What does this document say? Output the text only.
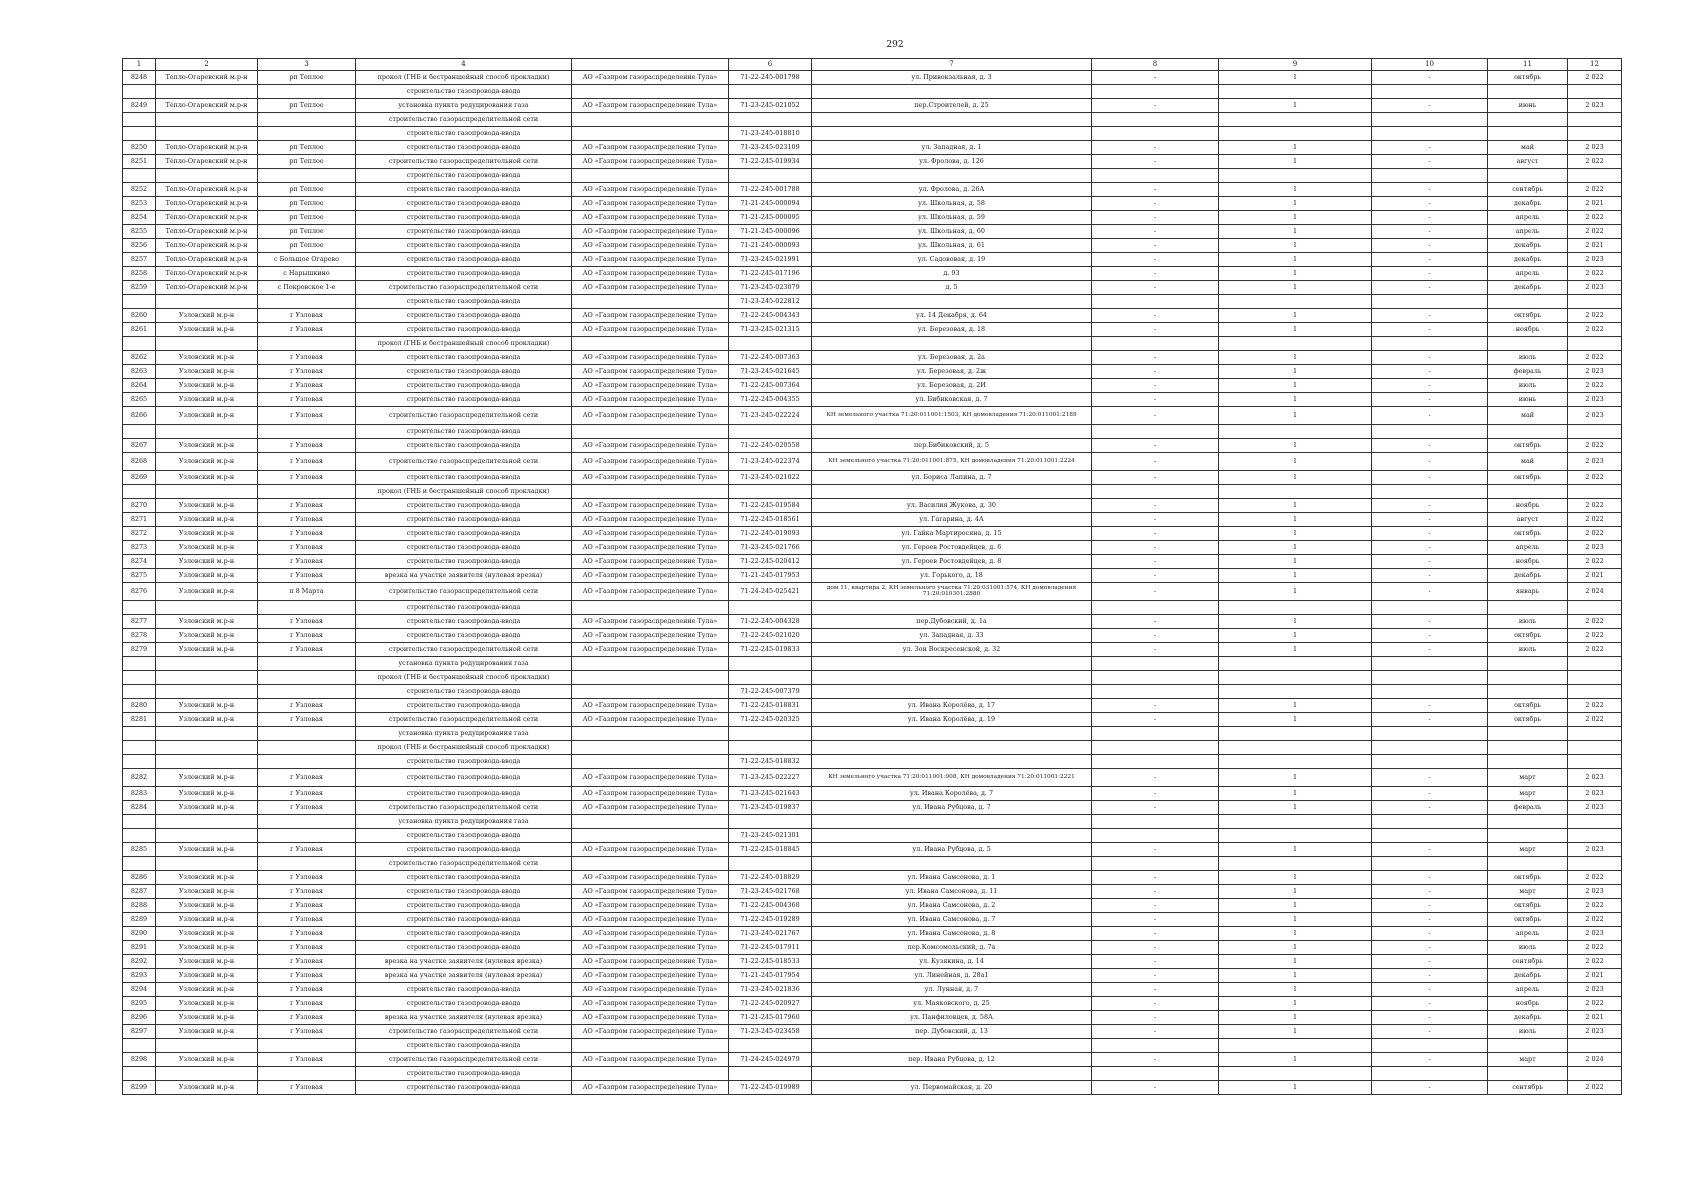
292
1	2	3	4		6	7	8	9	10	11	12
8248	Тепло-Огаревский м.р-н	рп Теплое	прокол (ГНБ и бестраншейный способ прокладки)	АО «Газпром газораспределение Тула»	71-22-245-001798	ул. Привокзальная, д. 3	-	1	-	октябрь	2 022
			строительство газопровода-ввода								
8249	Тепло-Огаревский м.р-н	рп Теплое	установка пункта редуцирования газа	АО «Газпром газораспределение Тула»	71-23-245-021052	пер.Строителей, д. 25	-	1	-	июнь	2 023
			строительство газораспределительной сети								
			строительство газопровода-ввода		71-23-245-018810						
8250	Тепло-Огаревский м.р-н	рп Теплое	строительство газопровода-ввода	АО «Газпром газораспределение Тула»	71-23-245-023109	ул. Западная, д. 1	-	1	-	май	2 023
8251	Тепло-Огаревский м.р-н	рп Теплое	строительство газораспределительной сети	АО «Газпром газораспределение Тула»	71-22-245-019934	ул. Фролова, д. 126	-	1	-	август	2 022
			строительство газопровода-ввода								
8252	Тепло-Огаревский м.р-н	рп Теплое	строительство газопровода-ввода	АО «Газпром газораспределение Тула»	71-22-245-001788	ул. Фролова, д. 26А	-	1	-	сентябрь	2 022
8253	Тепло-Огаревский м.р-н	рп Теплое	строительство газопровода-ввода	АО «Газпром газораспределение Тула»	71-21-245-000094	ул. Школьная, д. 58	-	1	-	декабрь	2 021
8254	Тепло-Огаревский м.р-н	рп Теплое	строительство газопровода-ввода	АО «Газпром газораспределение Тула»	71-21-245-000095	ул. Школьная, д. 59	-	1	-	апрель	2 022
8255	Тепло-Огаревский м.р-н	рп Теплое	строительство газопровода-ввода	АО «Газпром газораспределение Тула»	71-21-245-000096	ул. Школьная, д. 60	-	1	-	апрель	2 022
8256	Тепло-Огаревский м.р-н	рп Теплое	строительство газопровода-ввода	АО «Газпром газораспределение Тула»	71-21-245-000093	ул. Школьная, д. 61	-	1	-	декабрь	2 021
8257	Тепло-Огаревский м.р-н	с Большое Огарево	строительство газопровода-ввода	АО «Газпром газораспределение Тула»	71-23-245-021991	ул. Садововая, д. 19	-	1	-	декабрь	2 023
8258	Тепло-Огаревский м.р-н	с Нарышкино	строительство газопровода-ввода	АО «Газпром газораспределение Тула»	71-22-245-017196	д. 93	-	1	-	апрель	2 022
8259	Тепло-Огаревский м.р-н	с Покровское 1-е	строительство газораспределительной сети	АО «Газпром газораспределение Тула»	71-23-245-023079	д. 5	-	1	-	декабрь	2 023
			строительство газопровода-ввода		71-23-245-022812						
8260	Узловский м.р-н	г Узловая	строительство газопровода-ввода	АО «Газпром газораспределение Тула»	71-22-245-004343	ул. 14 Декабря, д. 64	-	1	-	октябрь	2 022
8261	Узловский м.р-н	г Узловая	строительство газопровода-ввода	АО «Газпром газораспределение Тула»	71-23-245-021315	ул. Березовая, д. 18	-	1	-	ноябрь	2 022
			прокол (ГНБ и бестраншейный способ прокладки)								
8262	Узловский м.р-н	г Узловая	строительство газопровода-ввода	АО «Газпром газораспределение Тула»	71-22-245-007363	ул. Березовая, д. 2а	-	1	-	июль	2 022
8263	Узловский м.р-н	г Узловая	строительство газопровода-ввода	АО «Газпром газораспределение Тула»	71-23-245-021645	ул. Березовая, д. 2ж	-	1	-	февраль	2 023
8264	Узловский м.р-н	г Узловая	строительство газопровода-ввода	АО «Газпром газораспределение Тула»	71-22-245-007364	ул. Березовая, д. 2И	-	1	-	июль	2 022
8265	Узловский м.р-н	г Узловая	строительство газопровода-ввода	АО «Газпром газораспределение Тула»	71-22-245-004355	ул. Бибиковская, д. 7	-	1	-	июнь	2 023
8266	Узловский м.р-н	г Узловая	строительство газораспределительной сети	АО «Газпром газораспределение Тула»	71-23-245-022224	КН земельного участка 71:20:011001:1503, КН домовладения 71:20:011001:2189	-	1	-	май	2 023
			строительство газопровода-ввода								
8267	Узловский м.р-н	г Узловая	строительство газопровода-ввода	АО «Газпром газораспределение Тула»	71-22-245-020558	пер.Бибиковский, д. 5	-	1	-	октябрь	2 022
8268	Узловский м.р-н	г Узловая	строительство газораспределительной сети	АО «Газпром газораспределение Тула»	71-23-245-022374	КН земельного участка 71:20:011001:875, КН домовладения 71:20:011001:2224	-	1	-	май	2 023
8269	Узловский м.р-н	г Узловая	строительство газопровода-ввода	АО «Газпром газораспределение Тула»	71-23-245-021022	ул. Бориса Лапина, д. 7	-	1	-	октябрь	2 022
			прокол (ГНБ и бестраншейный способ прокладки)								
8270	Узловский м.р-н	г Узловая	строительство газопровода-ввода	АО «Газпром газораспределение Тула»	71-22-245-019584	ул. Василия Жукова, д. 30	-	1	-	ноябрь	2 022
8271	Узловский м.р-н	г Узловая	строительство газопровода-ввода	АО «Газпром газораспределение Тула»	71-22-245-018561	ул. Гагарина, д. 4А	-	1	-	август	2 022
8272	Узловский м.р-н	г Узловая	строительство газопровода-ввода	АО «Газпром газораспределение Тула»	71-22-245-019093	ул. Гайка Мартиросяна, д. 15	-	1	-	октябрь	2 022
8273	Узловский м.р-н	г Узловая	строительство газопровода-ввода	АО «Газпром газораспределение Тула»	71-23-245-021766	ул. Героев Ростовдейцев, д. 6	-	1	-	апрель	2 023
8274	Узловский м.р-н	г Узловая	строительство газопровода-ввода	АО «Газпром газораспределение Тула»	71-22-245-020412	ул. Героев Ростовдейцев, д. 8	-	1	-	ноябрь	2 022
8275	Узловский м.р-н	г Узловая	врезка на участке заявителя (нулевая врезка)	АО «Газпром газораспределение Тула»	71-21-245-017953	ул. Горького, д. 18	-	1	-	декабрь	2 021
8276	Узловский м.р-н	п 8 Марта	строительство газораспределительной сети	АО «Газпром газораспределение Тула»	71-24-245-025421	дом 11, квартира 2, КН земельного участка 71:20:031001:574, КН домовладения 71:20:010301:2880	-	1	-	январь	2 024
			строительство газопровода-ввода								
8277	Узловский м.р-н	г Узловая	строительство газопровода-ввода	АО «Газпром газораспределение Тула»	71-22-245-004328	пер.Дубовский, д. 1а	-	1	-	июль	2 022
8278	Узловский м.р-н	г Узловая	строительство газопровода-ввода	АО «Газпром газораспределение Тула»	71-22-245-021020	ул. Западная, д. 33	-	1	-	октябрь	2 022
8279	Узловский м.р-н	г Узловая	строительство газораспределительной сети	АО «Газпром газораспределение Тула»	71-22-245-019833	ул. Зои Воскресенской, д. 32	-	1	-	июль	2 022
			установка пункта редуцирования газа								
			прокол (ГНБ и бестраншейный способ прокладки)								
			строительство газопровода-ввода		71-22-245-007379						
8280	Узловский м.р-н	г Узловая	строительство газопровода-ввода	АО «Газпром газораспределение Тула»	71-22-245-018831	ул. Ивана Королёва, д. 17	-	1	-	октябрь	2 022
8281	Узловский м.р-н	г Узловая	строительство газораспределительной сети	АО «Газпром газораспределение Тула»	71-22-245-020325	ул. Ивана Королёва, д. 19	-	1	-	октябрь	2 022
			установка пункта редуцирования газа								
			прокол (ГНБ и бестраншейный способ прокладки)								
			строительство газопровода-ввода		71-22-245-018832						
8282	Узловский м.р-н	г Узловая	строительство газопровода-ввода	АО «Газпром газораспределение Тула»	71-23-245-022227	КН земельного участка 71:20:011001:908, КН домовладения 71:20:011001:2221	-	1	-	март	2 023
8283	Узловский м.р-н	г Узловая	строительство газопровода-ввода	АО «Газпром газораспределение Тула»	71-23-245-021643	ул. Ивана Королёва, д. 7	-	1	-	март	2 023
8284	Узловский м.р-н	г Узловая	строительство газораспределительной сети	АО «Газпром газораспределение Тула»	71-23-245-019837	ул. Ивана Рубцова, д. 7	-	1	-	февраль	2 023
			установка пункта редуцирования газа								
			строительство газопровода-ввода		71-23-245-021301						
8285	Узловский м.р-н	г Узловая	строительство газопровода-ввода	АО «Газпром газораспределение Тула»	71-22-245-018845	ул. Ивана Рубцова, д. 5	-	1	-	март	2 023
			строительство газораспределительной сети								
8286	Узловский м.р-н	г Узловая	строительство газопровода-ввода	АО «Газпром газораспределение Тула»	71-22-245-018829	ул. Ивана Самсонова, д. 1	-	1	-	октябрь	2 022
8287	Узловский м.р-н	г Узловая	строительство газопровода-ввода	АО «Газпром газораспределение Тула»	71-23-245-021768	ул. Ивана Самсонова, д. 11	-	1	-	март	2 023
8288	Узловский м.р-н	г Узловая	строительство газопровода-ввода	АО «Газпром газораспределение Тула»	71-22-245-004368	ул. Ивана Самсонова, д. 2	-	1	-	октябрь	2 022
8289	Узловский м.р-н	г Узловая	строительство газопровода-ввода	АО «Газпром газораспределение Тула»	71-22-245-019289	ул. Ивана Самсонова, д. 7	-	1	-	октябрь	2 022
8290	Узловский м.р-н	г Узловая	строительство газопровода-ввода	АО «Газпром газораспределение Тула»	71-23-245-021767	ул. Ивана Самсонова, д. 8	-	1	-	апрель	2 023
8291	Узловский м.р-н	г Узловая	строительство газопровода-ввода	АО «Газпром газораспределение Тула»	71-22-245-017911	пер.Комсомольский, д. 7а	-	1	-	июль	2 022
8292	Узловский м.р-н	г Узловая	врезка на участке заявителя (нулевая врезка)	АО «Газпром газораспределение Тула»	71-22-245-018533	ул. Кузякина, д. 14	-	1	-	сентябрь	2 022
8293	Узловский м.р-н	г Узловая	врезка на участке заявителя (нулевая врезка)	АО «Газпром газораспределение Тула»	71-21-245-017954	ул. Линейная, д. 28а1	-	1	-	декабрь	2 021
8294	Узловский м.р-н	г Узловая	строительство газопровода-ввода	АО «Газпром газораспределение Тула»	71-23-245-021836	ул. Лунная, д. 7	-	1	-	апрель	2 023
8295	Узловский м.р-н	г Узловая	строительство газопровода-ввода	АО «Газпром газораспределение Тула»	71-22-245-020927	ул. Маяковского, д. 25	-	1	-	ноябрь	2 022
8296	Узловский м.р-н	г Узловая	врезка на участке заявителя (нулевая врезка)	АО «Газпром газораспределение Тула»	71-21-245-017960	ул. Панфиловцев, д. 58А	-	1	-	декабрь	2 021
8297	Узловский м.р-н	г Узловая	строительство газораспределительной сети	АО «Газпром газораспределение Тула»	71-23-245-023458	пер. Дубовский, д. 13	-	1	-	июль	2 023
			строительство газопровода-ввода								
8298	Узловский м.р-н	г Узловая	строительство газораспределительной сети	АО «Газпром газораспределение Тула»	71-24-245-024979	пер. Ивана Рубцова, д. 12	-	1	-	март	2 024
			строительство газопровода-ввода								
8299	Узловский м.р-н	г Узловая	строительство газопровода-ввода	АО «Газпром газораспределение Тула»	71-22-245-019989	ул. Первомайская, д. 20	-	1	-	сентябрь	2 022
